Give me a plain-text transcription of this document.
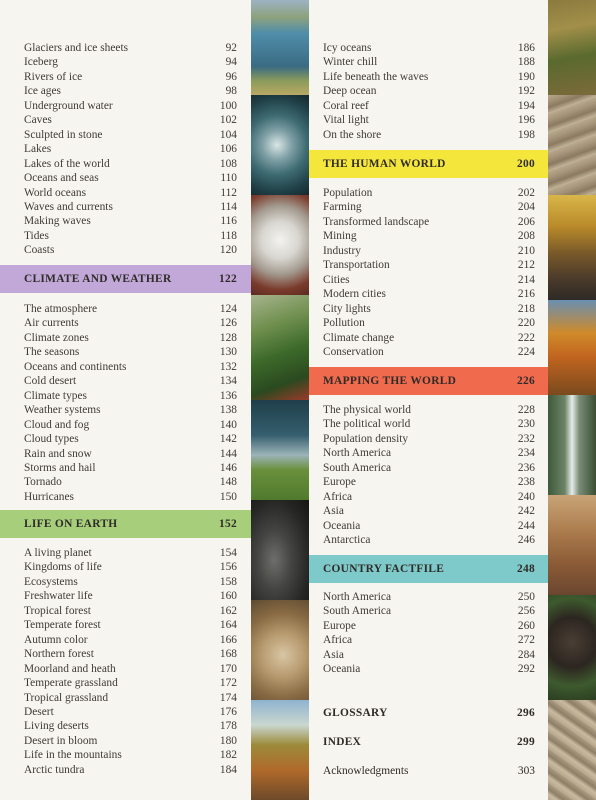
Glaciers and ice sheets	92
Iceberg	94
Rivers of ice	96
Ice ages	98
Underground water	100
Caves	102
Sculpted in stone	104
Lakes	106
Lakes of the world	108
Oceans and seas	110
World oceans	112
Waves and currents	114
Making waves	116
Tides	118
Coasts	120
CLIMATE AND WEATHER	122
The atmosphere	124
Air currents	126
Climate zones	128
The seasons	130
Oceans and continents	132
Cold desert	134
Climate types	136
Weather systems	138
Cloud and fog	140
Cloud types	142
Rain and snow	144
Storms and hail	146
Tornado	148
Hurricanes	150
LIFE ON EARTH	152
A living planet	154
Kingdoms of life	156
Ecosystems	158
Freshwater life	160
Tropical forest	162
Temperate forest	164
Autumn color	166
Northern forest	168
Moorland and heath	170
Temperate grassland	172
Tropical grassland	174
Desert	176
Living deserts	178
Desert in bloom	180
Life in the mountains	182
Arctic tundra	184
Icy oceans	186
Winter chill	188
Life beneath the waves	190
Deep ocean	192
Coral reef	194
Vital light	196
On the shore	198
THE HUMAN WORLD	200
Population	202
Farming	204
Transformed landscape	206
Mining	208
Industry	210
Transportation	212
Cities	214
Modern cities	216
City lights	218
Pollution	220
Climate change	222
Conservation	224
MAPPING THE WORLD	226
The physical world	228
The political world	230
Population density	232
North America	234
South America	236
Europe	238
Africa	240
Asia	242
Oceania	244
Antarctica	246
COUNTRY FACTFILE	248
North America	250
South America	256
Europe	260
Africa	272
Asia	284
Oceania	292
GLOSSARY	296
INDEX	299
Acknowledgments	303
